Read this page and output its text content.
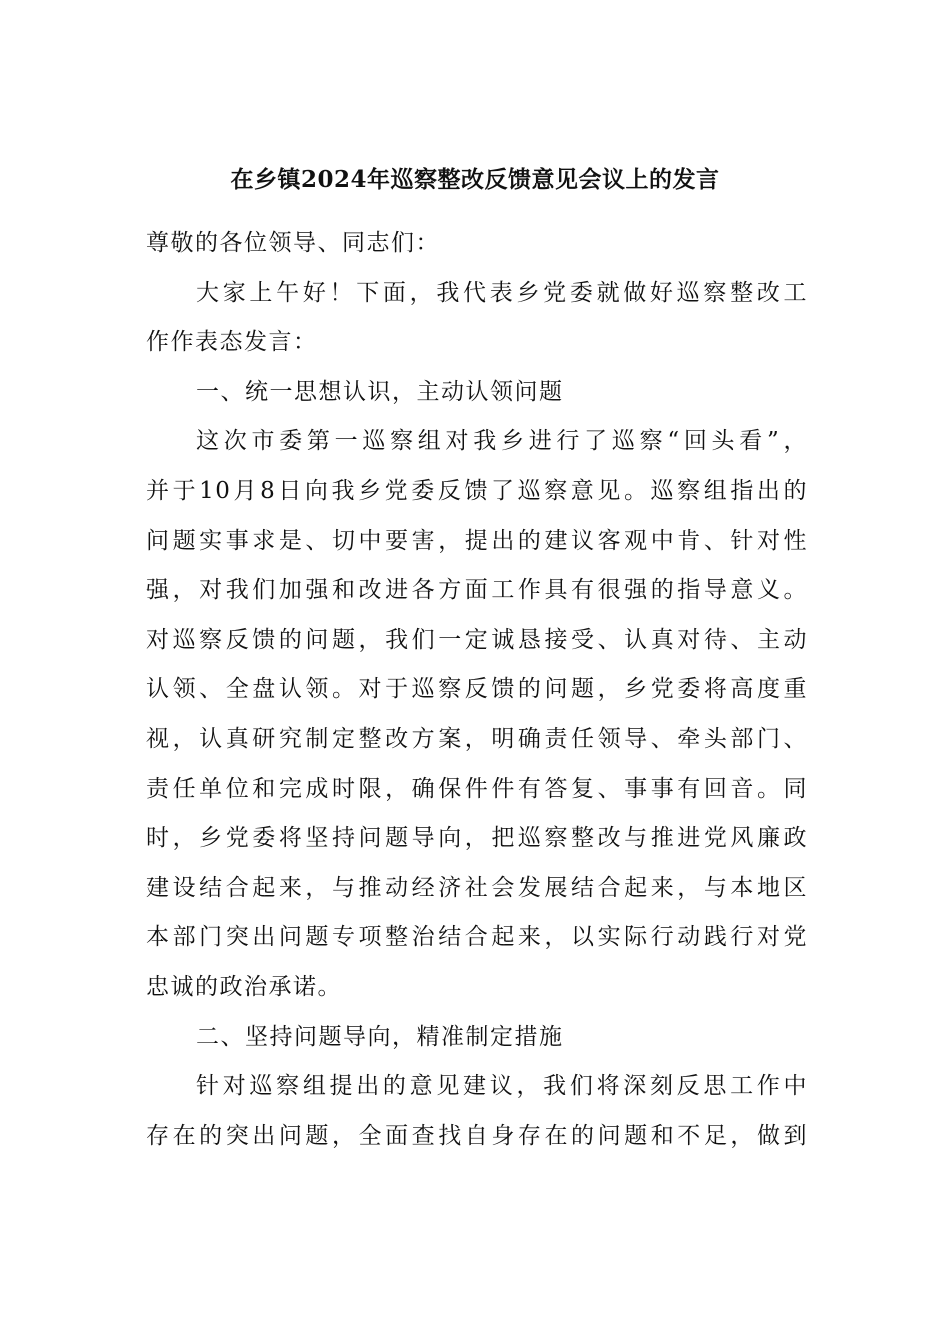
在乡镇2024年巡察整改反馈意见会议上的发言
尊敬的各位领导、同志们：
大家上午好！下面，我代表乡党委就做好巡察整改工
作作表态发言：
一、统一思想认识，主动认领问题
这次市委第一巡察组对我乡进行了巡察“回头看”，
并于10月8日向我乡党委反馈了巡察意见。巡察组指出的
问题实事求是、切中要害，提出的建议客观中肯、针对性
强，对我们加强和改进各方面工作具有很强的指导意义。
对巡察反馈的问题，我们一定诚恳接受、认真对待、主动
认领、全盘认领。对于巡察反馈的问题，乡党委将高度重
视，认真研究制定整改方案，明确责任领导、牵头部门、
责任单位和完成时限，确保件件有答复、事事有回音。同
时，乡党委将坚持问题导向，把巡察整改与推进党风廉政
建设结合起来，与推动经济社会发展结合起来，与本地区
本部门突出问题专项整治结合起来，以实际行动践行对党
忠诚的政治承诺。
二、坚持问题导向，精准制定措施
针对巡察组提出的意见建议，我们将深刻反思工作中
存在的突出问题，全面查找自身存在的问题和不足，做到
